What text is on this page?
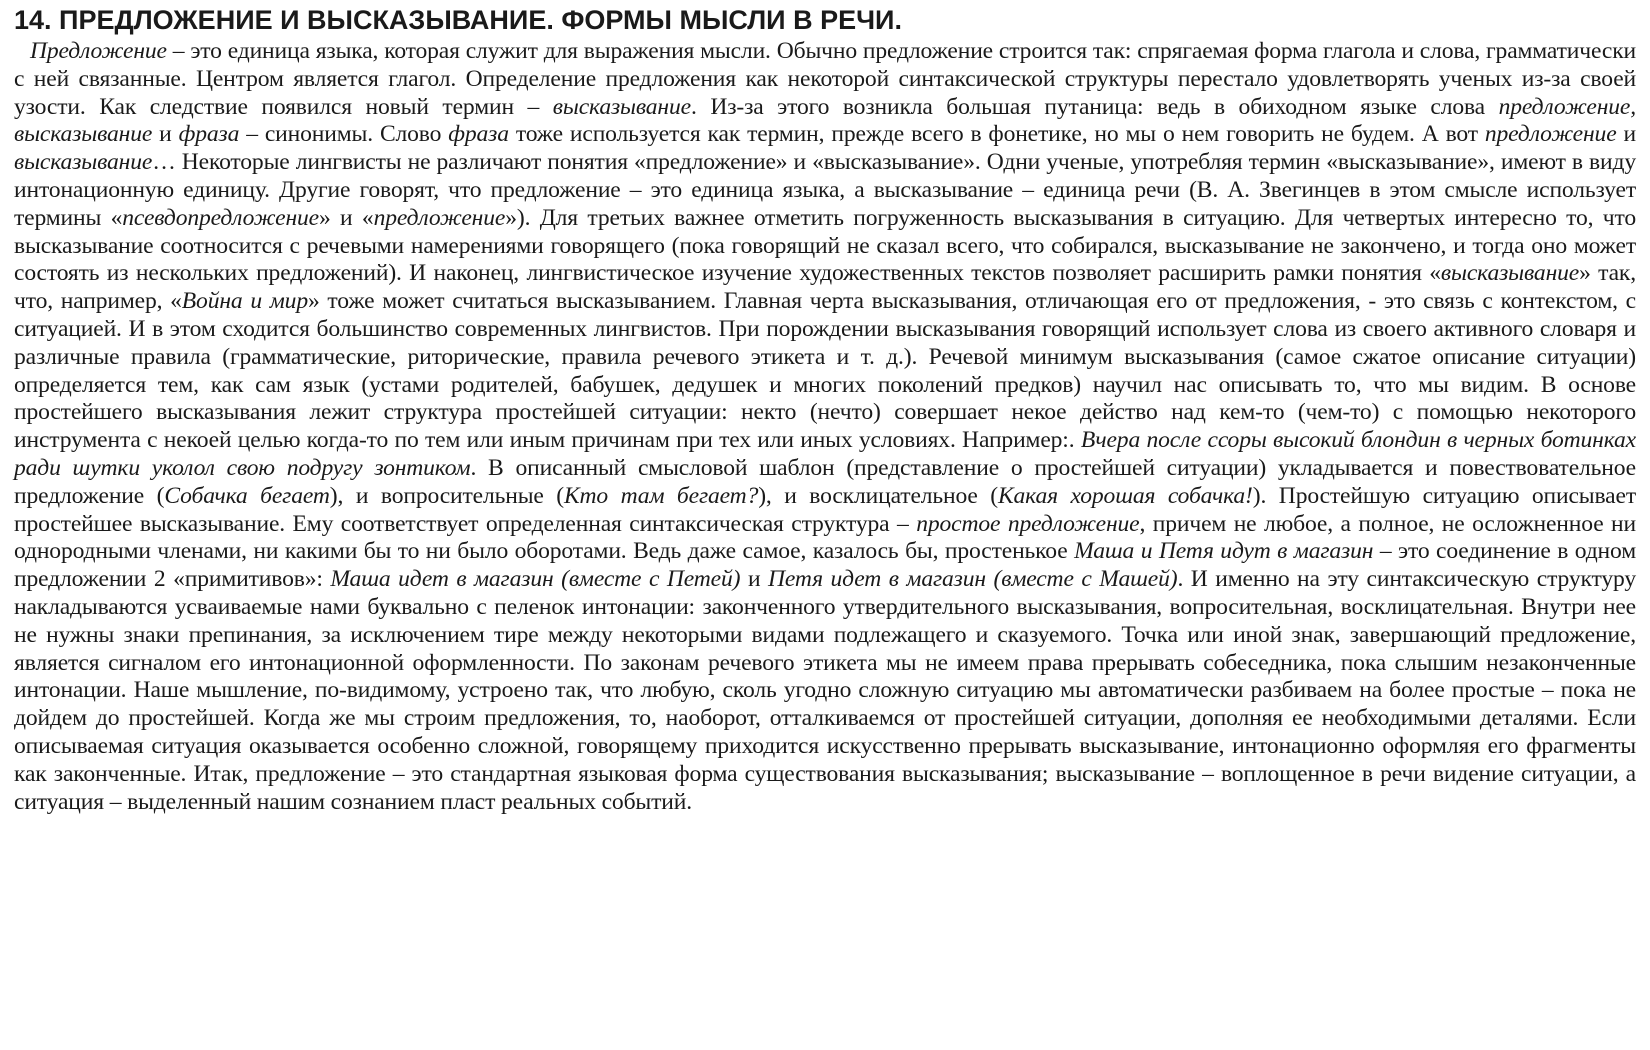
14. ПРЕДЛОЖЕНИЕ И ВЫСКАЗЫВАНИЕ. ФОРМЫ МЫСЛИ В РЕЧИ.

Предложение – это единица языка, которая служит для выражения мысли. Обычно предложение строится так: спрягаемая форма глагола и слова, грамматически с ней связанные. Центром является глагол. Определение предложения как некоторой синтаксической структуры перестало удовлетворять ученых из-за своей узости. Как следствие появился новый термин – высказывание. Из-за этого возникла большая путаница: ведь в обиходном языке слова предложение, высказывание и фраза – синонимы. Слово фраза тоже используется как термин, прежде всего в фонетике, но мы о нем говорить не будем. А вот предложение и высказывание… Некоторые лингвисты не различают понятия «предложение» и «высказывание». Одни ученые, употребляя термин «высказывание», имеют в виду интонационную единицу. Другие говорят, что предложение – это единица языка, а высказывание – единица речи (В. А. Звегинцев в этом смысле использует термины «псевдопредложение» и «предложение»). Для третьих важнее отметить погруженность высказывания в ситуацию. Для четвертых интересно то, что высказывание соотносится с речевыми намерениями говорящего (пока говорящий не сказал всего, что собирался, высказывание не закончено, и тогда оно может состоять из нескольких предложений). И наконец, лингвистическое изучение художественных текстов позволяет расширить рамки понятия «высказывание» так, что, например, «Война и мир» тоже может считаться высказыванием. Главная черта высказывания, отличающая его от предложения, - это связь с контекстом, с ситуацией. И в этом сходится большинство современных лингвистов. При порождении высказывания говорящий использует слова из своего активного словаря и различные правила (грамматические, риторические, правила речевого этикета и т. д.). Речевой минимум высказывания (самое сжатое описание ситуации) определяется тем, как сам язык (устами родителей, бабушек, дедушек и многих поколений предков) научил нас описывать то, что мы видим. В основе простейшего высказывания лежит структура простейшей ситуации: некто (нечто) совершает некое действо над кем-то (чем-то) с помощью некоторого инструмента с некоей целью когда-то по тем или иным причинам при тех или иных условиях. Например:. Вчера после ссоры высокий блондин в черных ботинках ради шутки уколол свою подругу зонтиком. В описанный смысловой шаблон (представление о простейшей ситуации) укладывается и повествовательное предложение (Собачка бегает), и вопросительные (Кто там бегает?), и восклицательное (Какая хорошая собачка!). Простейшую ситуацию описывает простейшее высказывание. Ему соответствует определенная синтаксическая структура – простое предложение, причем не любое, а полное, не осложненное ни однородными членами, ни какими бы то ни было оборотами. Ведь даже самое, казалось бы, простенькое Маша и Петя идут в магазин – это соединение в одном предложении 2 «примитивов»: Маша идет в магазин (вместе с Петей) и Петя идет в магазин (вместе с Машей). И именно на эту синтаксическую структуру накладываются усваиваемые нами буквально с пеленок интонации: законченного утвердительного высказывания, вопросительная, восклицательная. Внутри нее не нужны знаки препинания, за исключением тире между некоторыми видами подлежащего и сказуемого. Точка или иной знак, завершающий предложение, является сигналом его интонационной оформленности. По законам речевого этикета мы не имеем права прерывать собеседника, пока слышим незаконченные интонации. Наше мышление, по-видимому, устроено так, что любую, сколь угодно сложную ситуацию мы автоматически разбиваем на более простые – пока не дойдем до простейшей. Когда же мы строим предложения, то, наоборот, отталкиваемся от простейшей ситуации, дополняя ее необходимыми деталями. Если описываемая ситуация оказывается особенно сложной, говорящему приходится искусственно прерывать высказывание, интонационно оформляя его фрагменты как законченные. Итак, предложение – это стандартная языковая форма существования высказывания; высказывание – воплощенное в речи видение ситуации, а ситуация – выделенный нашим сознанием пласт реальных событий.
